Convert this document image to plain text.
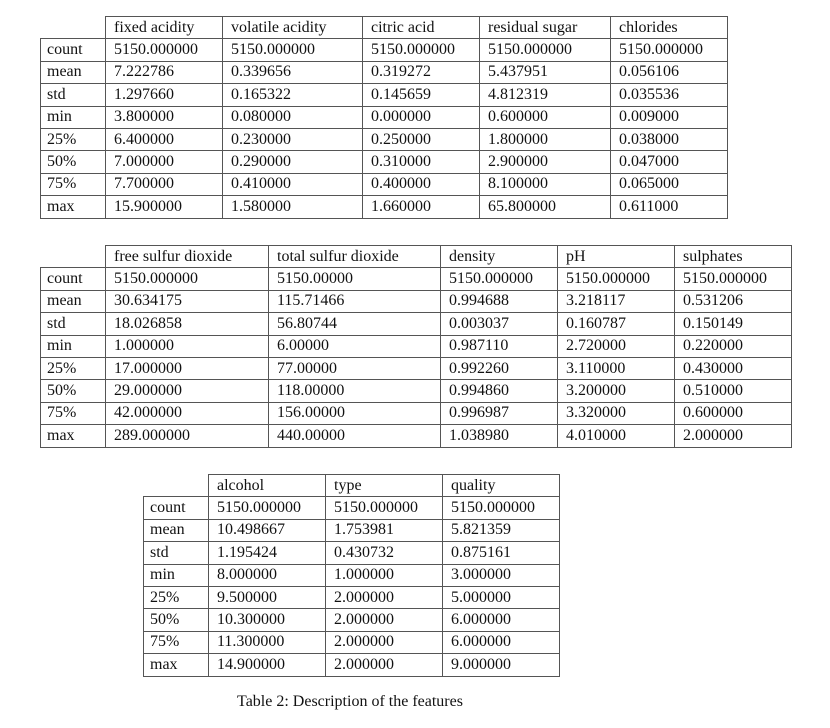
	fixed acidity	volatile acidity	citric acid	residual sugar	chlorides
count	5150.000000	5150.000000	5150.000000	5150.000000	5150.000000
mean	7.222786	0.339656	0.319272	5.437951	0.056106
std	1.297660	0.165322	0.145659	4.812319	0.035536
min	3.800000	0.080000	0.000000	0.600000	0.009000
25%	6.400000	0.230000	0.250000	1.800000	0.038000
50%	7.000000	0.290000	0.310000	2.900000	0.047000
75%	7.700000	0.410000	0.400000	8.100000	0.065000
max	15.900000	1.580000	1.660000	65.800000	0.611000
	free sulfur dioxide	total sulfur dioxide	density	pH	sulphates
count	5150.000000	5150.00000	5150.000000	5150.000000	5150.000000
mean	30.634175	115.71466	0.994688	3.218117	0.531206
std	18.026858	56.80744	0.003037	0.160787	0.150149
min	1.000000	6.00000	0.987110	2.720000	0.220000
25%	17.000000	77.00000	0.992260	3.110000	0.430000
50%	29.000000	118.00000	0.994860	3.200000	0.510000
75%	42.000000	156.00000	0.996987	3.320000	0.600000
max	289.000000	440.00000	1.038980	4.010000	2.000000
	alcohol	type	quality
count	5150.000000	5150.000000	5150.000000
mean	10.498667	1.753981	5.821359
std	1.195424	0.430732	0.875161
min	8.000000	1.000000	3.000000
25%	9.500000	2.000000	5.000000
50%	10.300000	2.000000	6.000000
75%	11.300000	2.000000	6.000000
max	14.900000	2.000000	9.000000
Table 2: Description of the features
